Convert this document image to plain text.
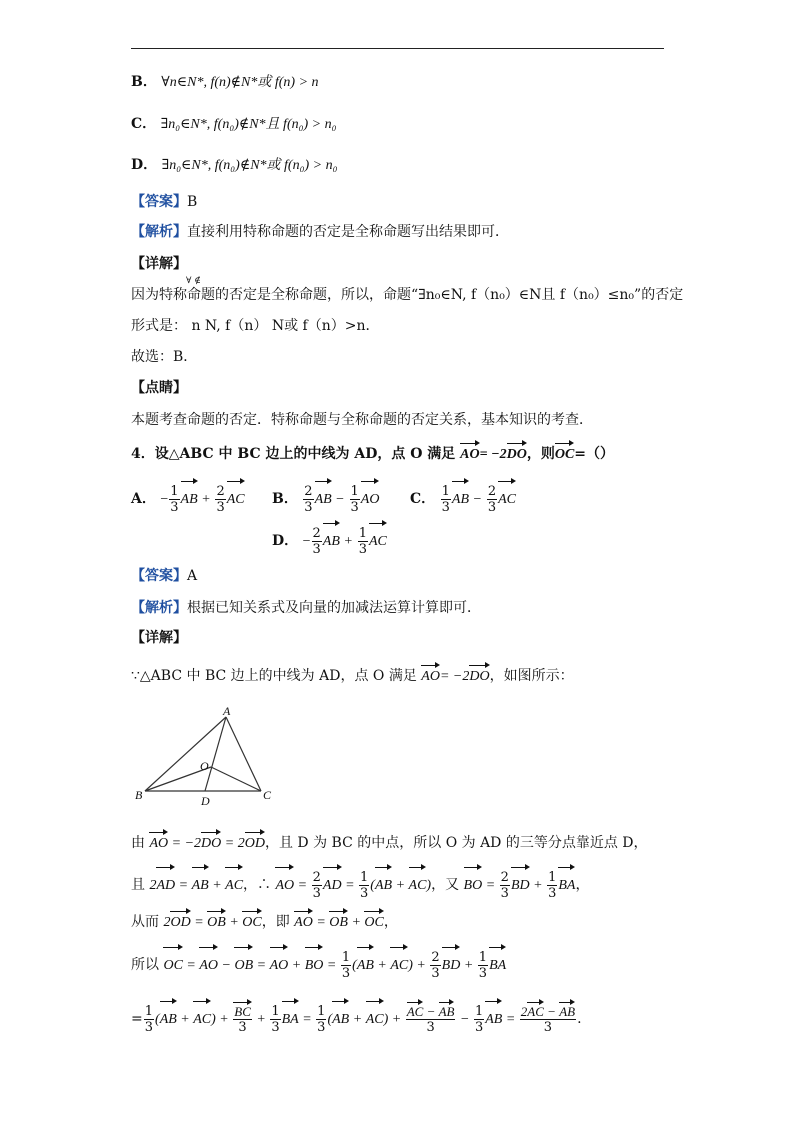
B． ∀n∈N*, f(n)∉N*或 f(n) > n
C． ∃n₀∈N*, f(n₀)∉N*且 f(n₀) > n₀
D． ∃n₀∈N*, f(n₀)∉N*或 f(n₀) > n₀
【答案】B
【解析】直接利用特称命题的否定是全称命题写出结果即可．
【详解】
∀ ∉
因为特称命题的否定是全称命题，所以，命题“∃n₀∈N, f（n₀）∈N且 f（n₀）≤n₀”的否定
形式是： n N, f（n） N或 f（n）>n．
故选：B．
【点睛】
本题考查命题的否定．特称命题与全称命题的否定关系，基本知识的考查．
4．设△ABC 中 BC 边上的中线为 AD，点 O 满足 AO= −2DO，则OC=（）
A． − $\frac{1}{3}$ AB + $\frac{2}{3}$ AC B． $\frac{2}{3}$ AB − $\frac{1}{3}$ AO C． $\frac{1}{3}$ AB − $\frac{2}{3}$ AC
D． − $\frac{2}{3}$ AB + $\frac{1}{3}$ AC
【答案】A
【解析】根据已知关系式及向量的加减法运算计算即可．
【详解】
∵△ABC 中 BC 边上的中线为 AD，点 O 满足 AO= −2DO，如图所示：
A
B	C
D
O
由 AO = −2DO = 2OD，且 D 为 BC 的中点，所以 O 为 AD 的三等分点靠近点 D，
且 2AD = AB + AC，∴ AO = $\frac{2}{3}$ AD = $\frac{1}{3} (AB + AC)$，又 BO = $\frac{2}{3}$ BD + $\frac{1}{3}$ BA，
从而 2OD = OB + OC，即 AO = OB + OC，
所以 OC = AO − OB = AO + BO = $\frac{1}{3} (AB + AC) + \frac{2}{3}$ BD + $\frac{1}{3}$ BA
= $\frac{1}{3} (AB + AC) + \frac{BC}{3} + \frac{1}{3}$ BA = $\frac{1}{3} (AB + AC) + \frac{AC - AB}{3} - \frac{1}{3}$ AB = $\frac{2AC - AB}{3}$ .
